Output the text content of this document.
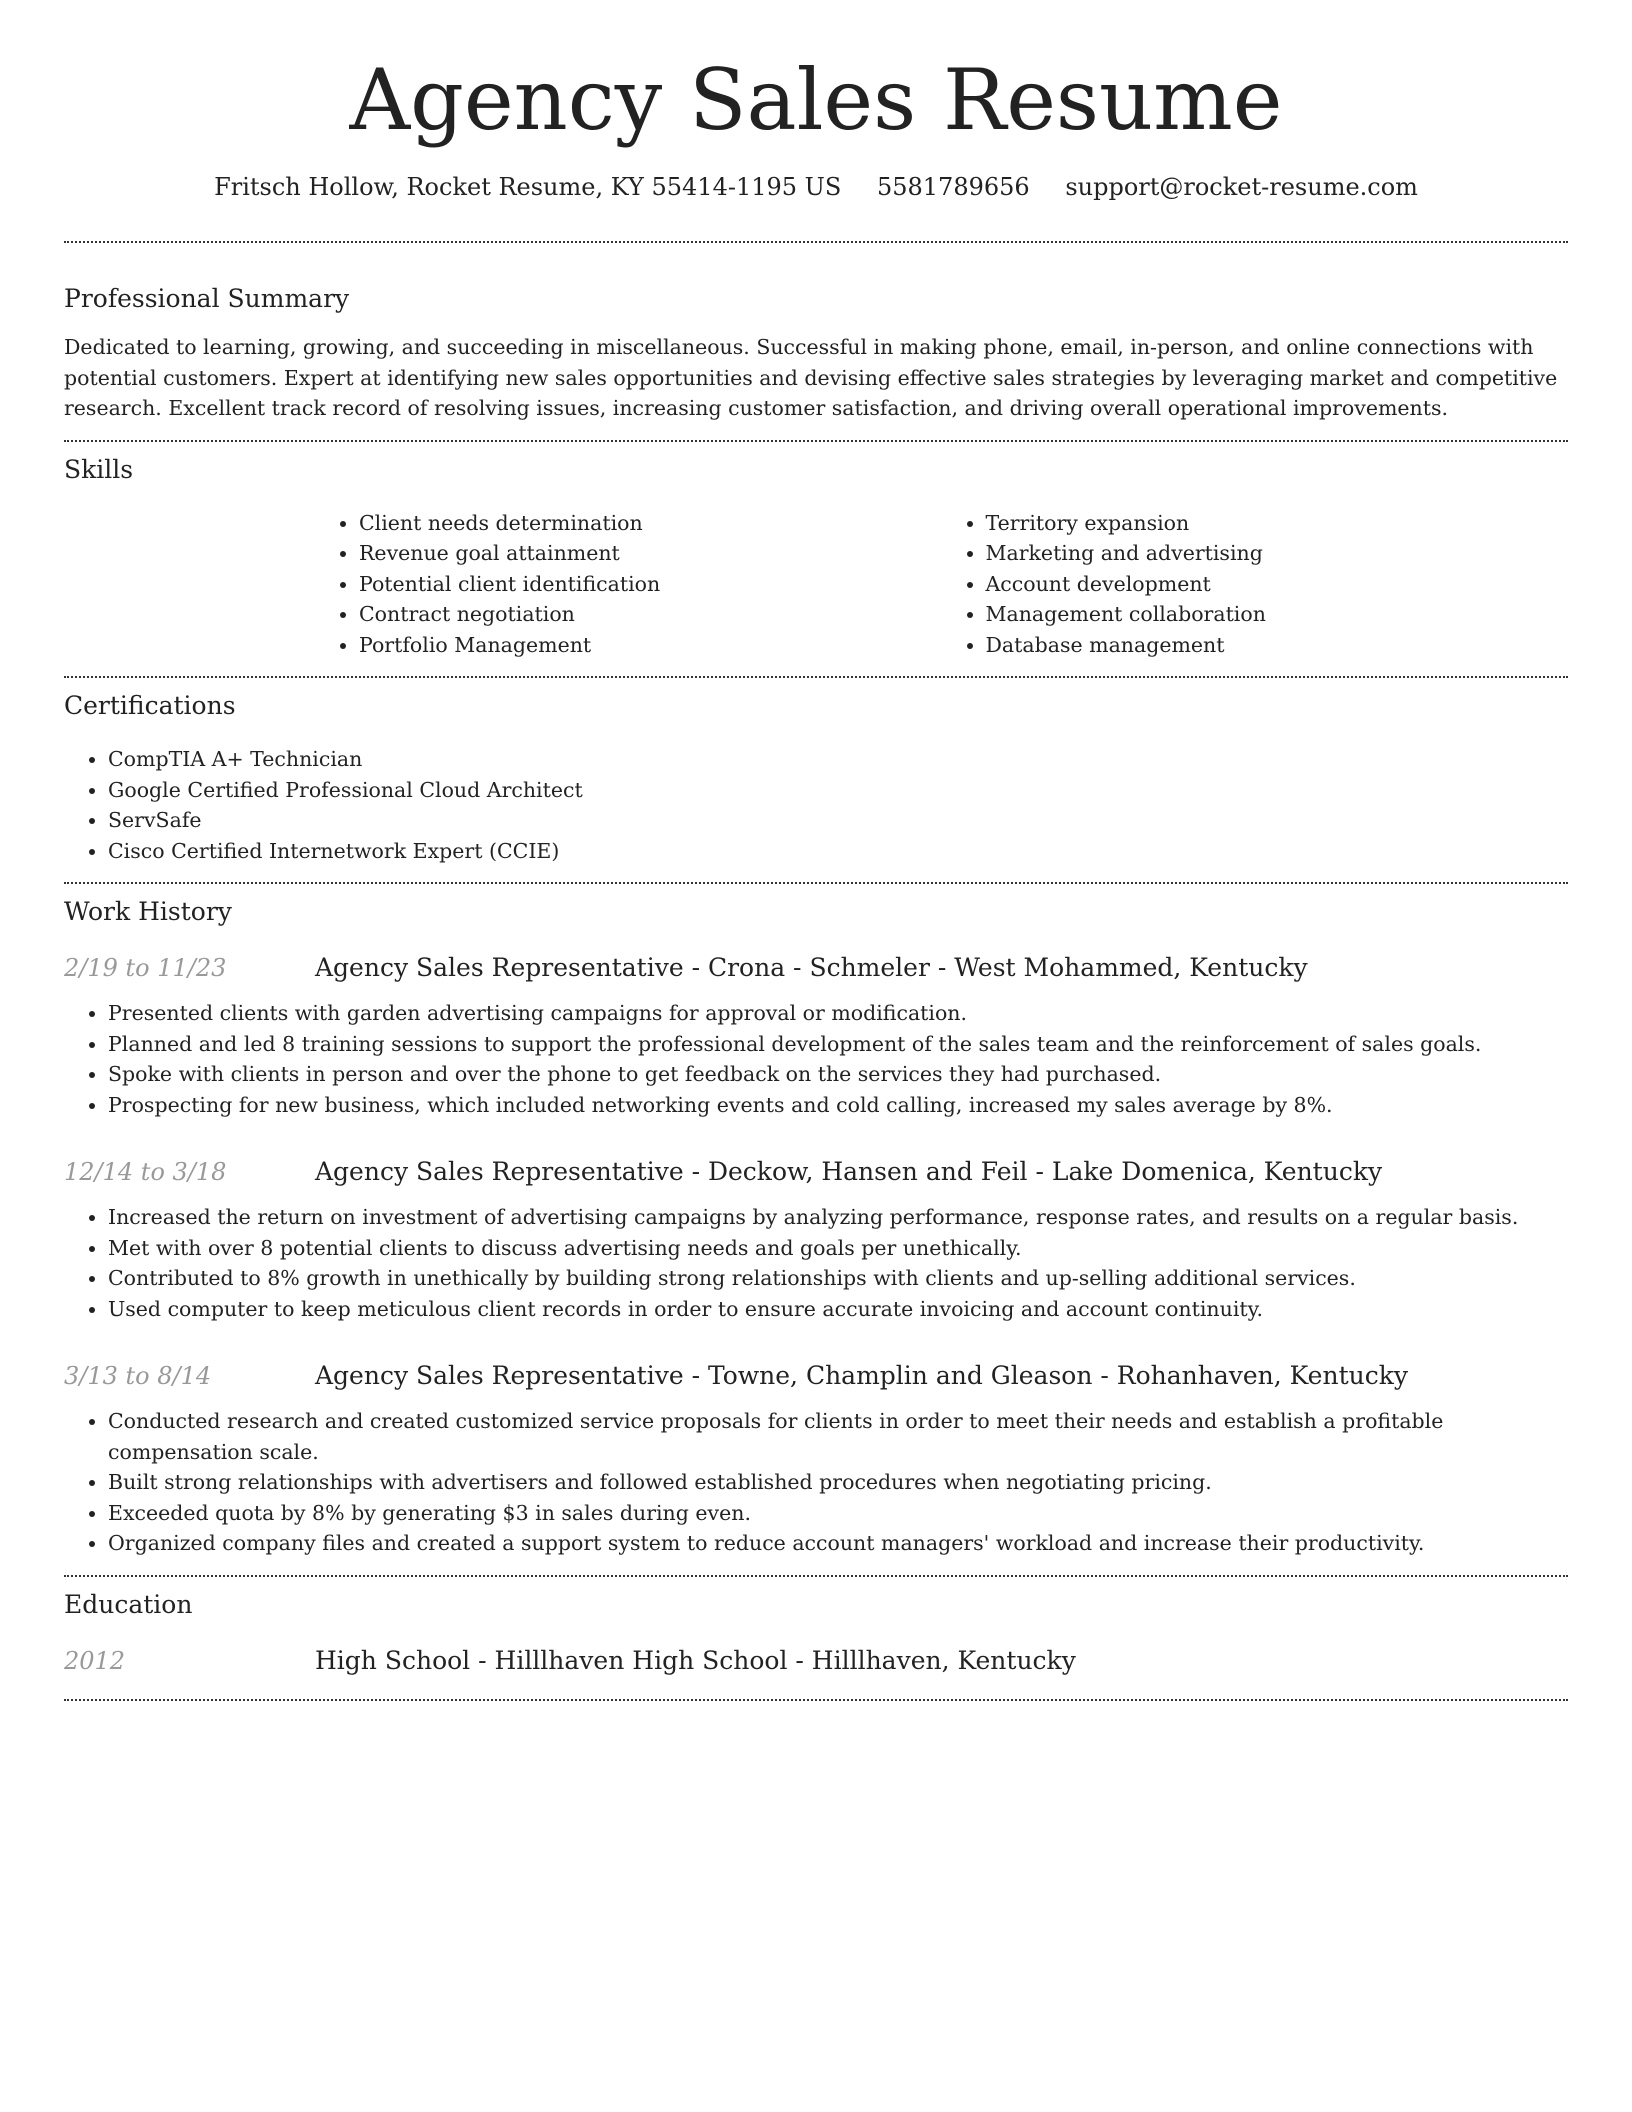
Agency Sales Resume
Fritsch Hollow, Rocket Resume, KY 55414-1195 US 5581789656 support@rocket-resume.com
Professional Summary

Dedicated to learning, growing, and succeeding in miscellaneous. Successful in making phone, email, in-person, and online connections with potential customers. Expert at identifying new sales opportunities and devising effective sales strategies by leveraging market and competitive research. Excellent track record of resolving issues, increasing customer satisfaction, and driving overall operational improvements.

Skills
• Client needs determination
• Revenue goal attainment
• Potential client identification
• Contract negotiation
• Portfolio Management
• Territory expansion
• Marketing and advertising
• Account development
• Management collaboration
• Database management
Certifications
• CompTIA A+ Technician
• Google Certified Professional Cloud Architect
• ServSafe
• Cisco Certified Internetwork Expert (CCIE)
Work History
2/19 to 11/23	Agency Sales Representative - Crona - Schmeler - West Mohammed, Kentucky
• Presented clients with garden advertising campaigns for approval or modification.
• Planned and led 8 training sessions to support the professional development of the sales team and the reinforcement of sales goals.
• Spoke with clients in person and over the phone to get feedback on the services they had purchased.
• Prospecting for new business, which included networking events and cold calling, increased my sales average by 8%.
12/14 to 3/18	Agency Sales Representative - Deckow, Hansen and Feil - Lake Domenica, Kentucky
• Increased the return on investment of advertising campaigns by analyzing performance, response rates, and results on a regular basis.
• Met with over 8 potential clients to discuss advertising needs and goals per unethically.
• Contributed to 8% growth in unethically by building strong relationships with clients and up-selling additional services.
• Used computer to keep meticulous client records in order to ensure accurate invoicing and account continuity.
3/13 to 8/14	Agency Sales Representative - Towne, Champlin and Gleason - Rohanhaven, Kentucky
• Conducted research and created customized service proposals for clients in order to meet their needs and establish a profitable compensation scale.
• Built strong relationships with advertisers and followed established procedures when negotiating pricing.
• Exceeded quota by 8% by generating $3 in sales during even.
• Organized company files and created a support system to reduce account managers' workload and increase their productivity.
Education
2012	High School - Hilllhaven High School - Hilllhaven, Kentucky
